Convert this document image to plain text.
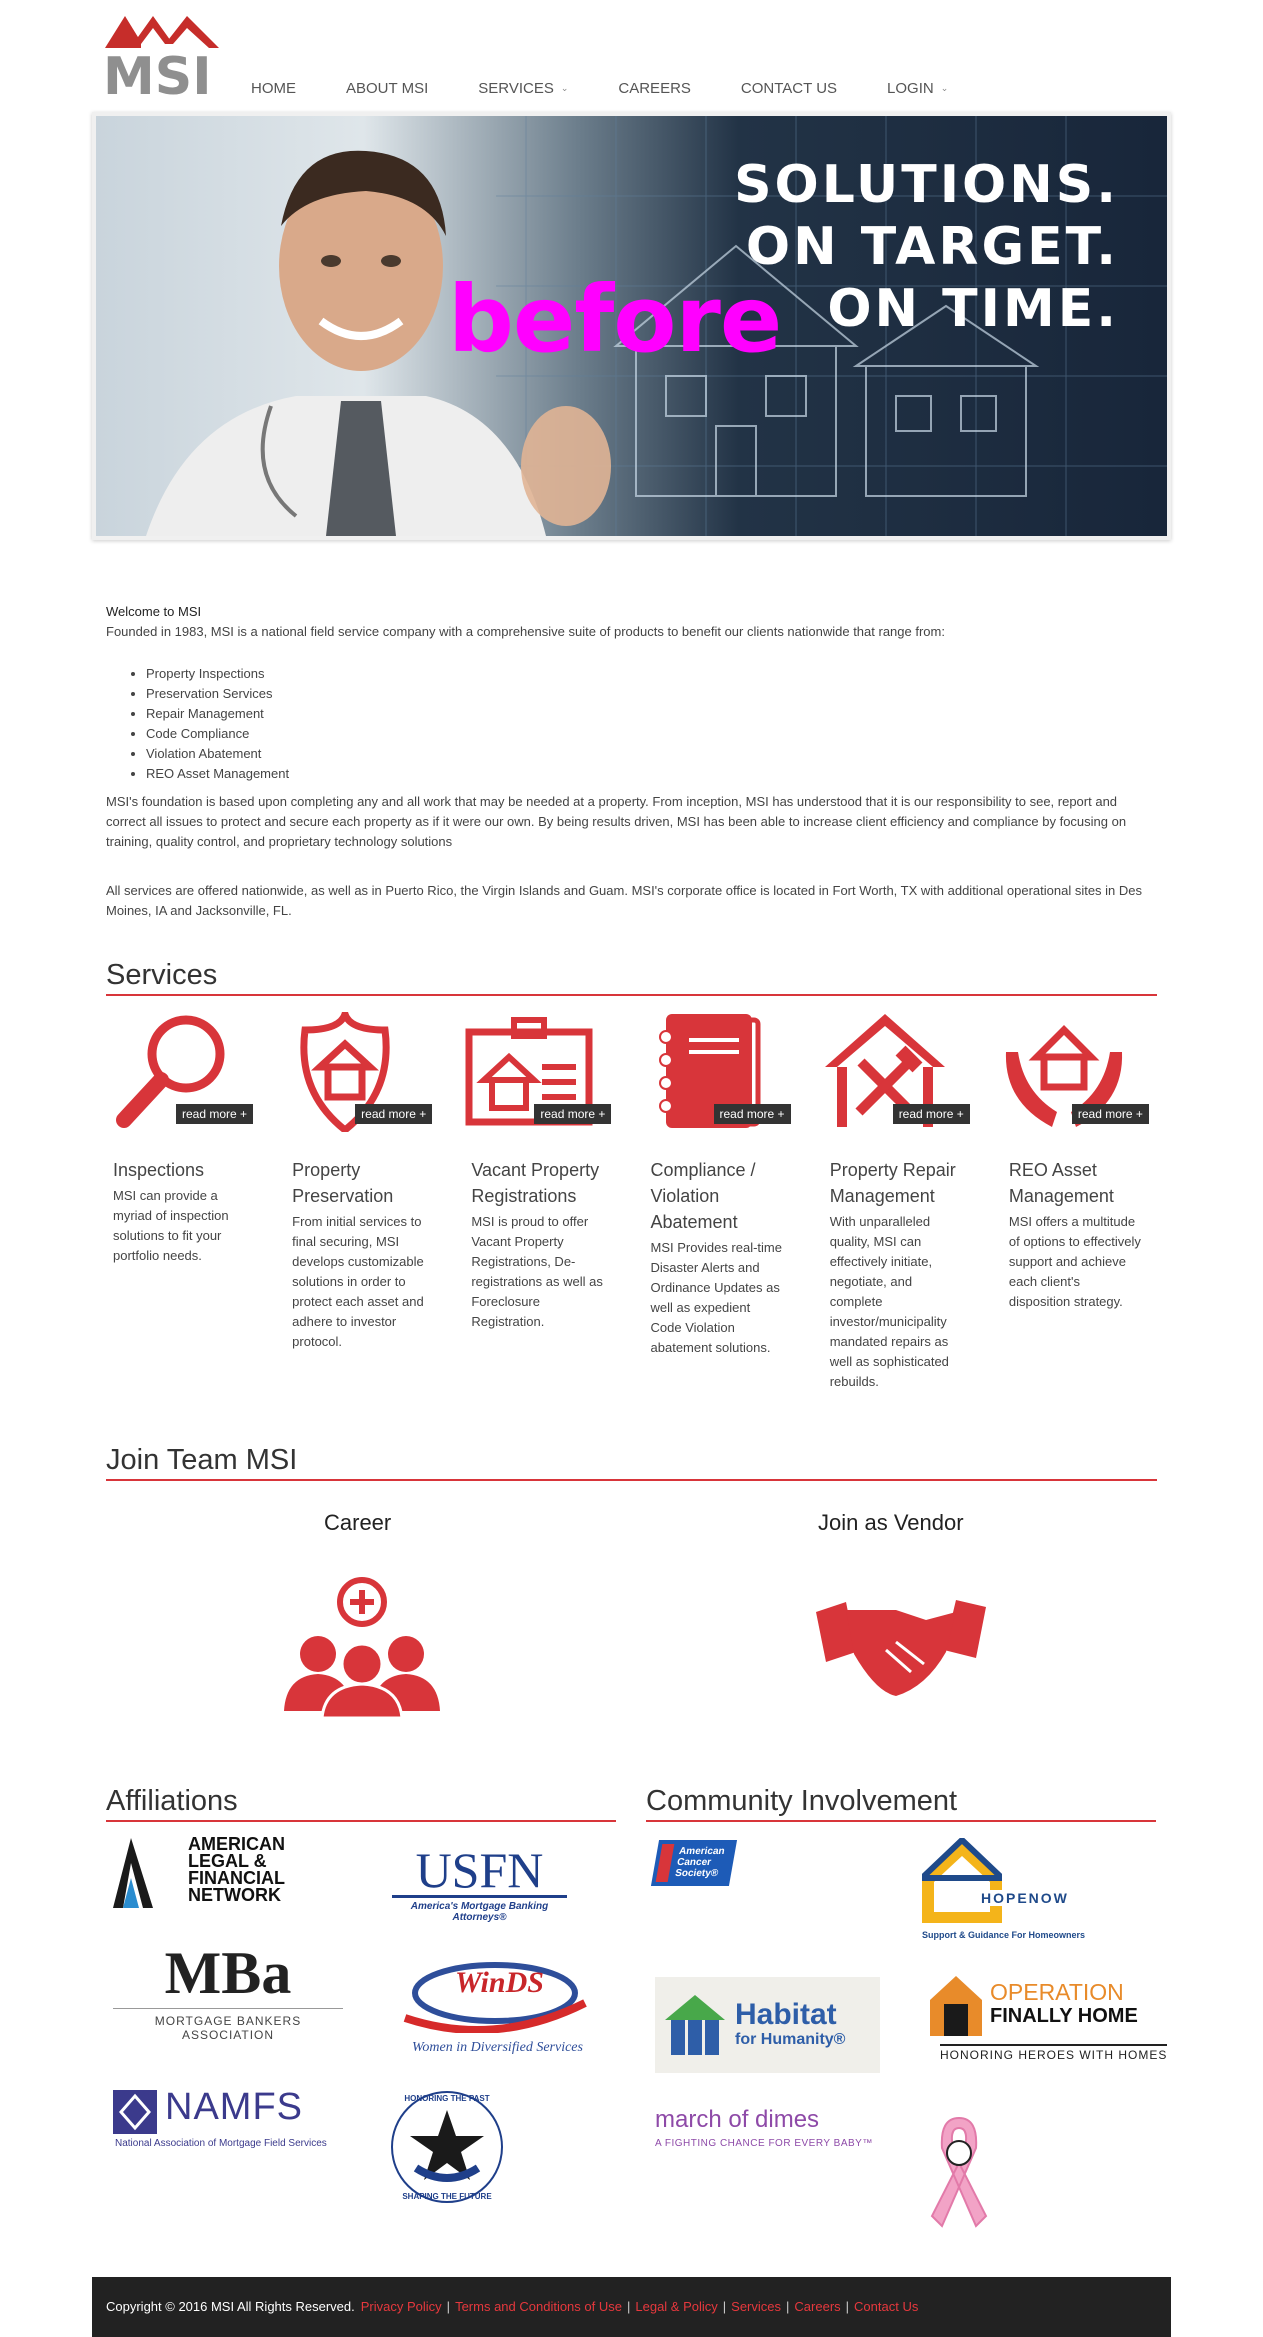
MSI	HOME	ABOUT MSI	SERVICES ⌄	CAREERS	CONTACT US	LOGIN ⌄
SOLUTIONS.
ON TARGET.
ON TIME.
before
Welcome to MSI
Founded in 1983, MSI is a national field service company with a comprehensive suite of products to benefit our clients nationwide that range from:
• Property Inspections
• Preservation Services
• Repair Management
• Code Compliance
• Violation Abatement
• REO Asset Management

MSI's foundation is based upon completing any and all work that may be needed at a property. From inception, MSI has understood that it is our responsibility to see, report and correct all issues to protect and secure each property as if it were our own. By being results driven, MSI has been able to increase client efficiency and compliance by focusing on training, quality control, and proprietary technology solutions

All services are offered nationwide, as well as in Puerto Rico, the Virgin Islands and Guam. MSI's corporate office is located in Fort Worth, TX with additional operational sites in Des Moines, IA and Jacksonville, FL.

Services
read more +
Inspections
MSI can provide a myriad of inspection solutions to fit your portfolio needs.
read more +
Property Preservation
From initial services to final securing, MSI develops customizable solutions in order to protect each asset and adhere to investor protocol.
read more +
Vacant Property Registrations
MSI is proud to offer Vacant Property Registrations, De-registrations as well as Foreclosure Registration.
read more +
Compliance / Violation Abatement
MSI Provides real-time Disaster Alerts and Ordinance Updates as well as expedient Code Violation abatement solutions.
read more +
Property Repair Management
With unparalleled quality, MSI can effectively initiate, negotiate, and complete investor/municipality mandated repairs as well as sophisticated rebuilds.
read more +
REO Asset Management
MSI offers a multitude of options to effectively support and achieve each client's disposition strategy.
Join Team MSI
Career	Join as Vendor
Affiliations
AMERICAN
LEGAL &
FINANCIAL
NETWORK	USFN
America's Mortgage Banking Attorneys®
MBa
MORTGAGE BANKERS ASSOCIATION
WinDS
Women in Diversified Services
NAMFS
National Association of Mortgage Field Services
HONORING THE PAST
SHAPING THE FUTURE
Community Involvement
American
Cancer
Society®
HOPENOW
Support & Guidance For Homeowners
Habitat
for Humanity®
OPERATION
FINALLY HOME
HONORING HEROES WITH HOMES
march of dimes
A FIGHTING CHANCE FOR EVERY BABY™
Copyright © 2016 MSI All Rights Reserved. Privacy Policy | Terms and Conditions of Use | Legal & Policy | Services | Careers | Contact Us
